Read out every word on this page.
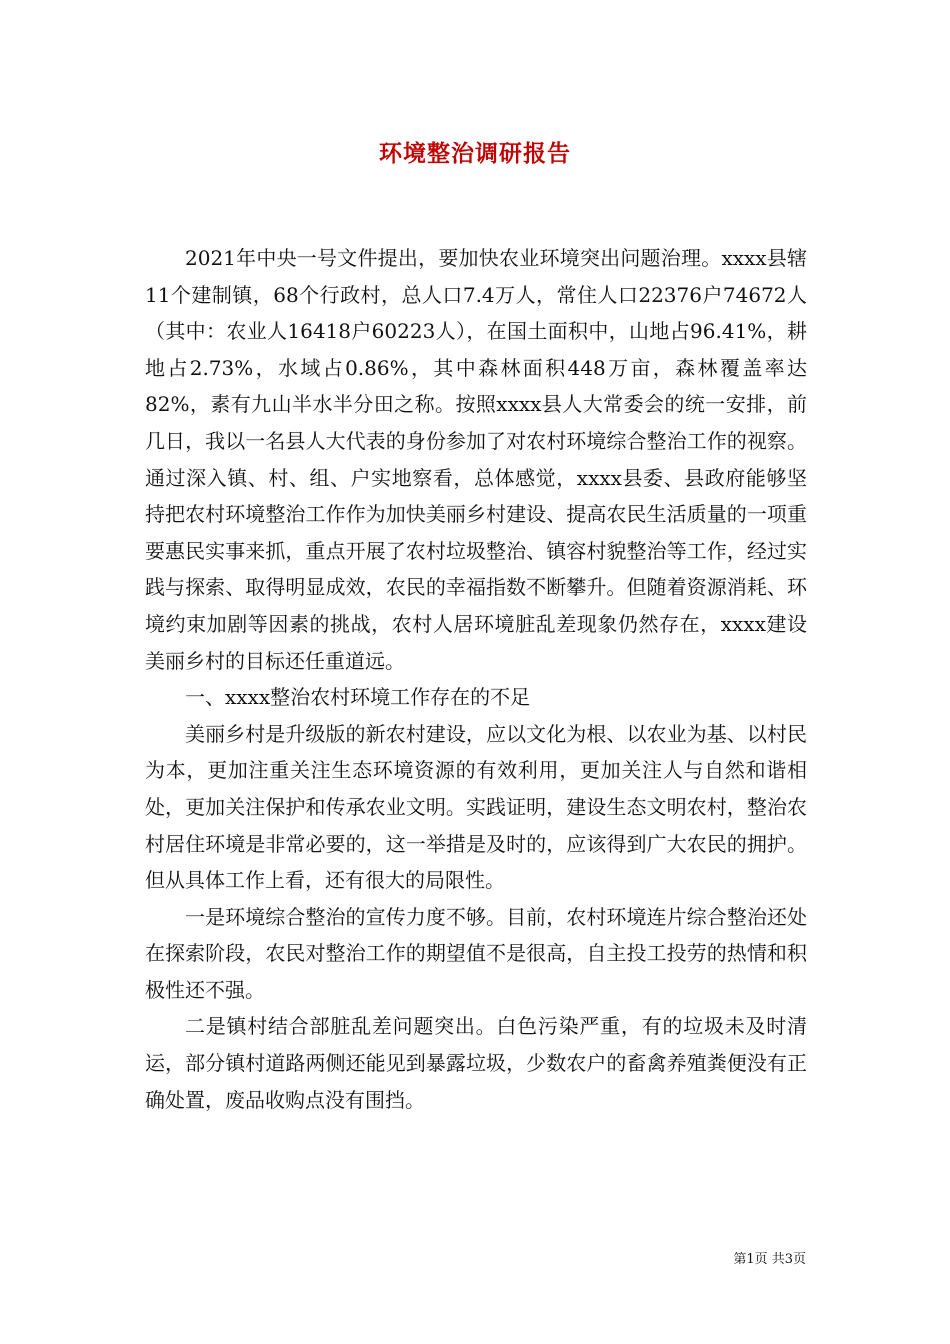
环境整治调研报告

2021年中央一号文件提出，要加快农业环境突出问题治理。xxxx县辖11个建制镇，68个行政村，总人口7.4万人，常住人口22376户74672人（其中：农业人16418户60223人），在国土面积中，山地占96.41%，耕地占2.73%，水域占0.86%，其中森林面积448万亩，森林覆盖率达82%，素有九山半水半分田之称。按照xxxx县人大常委会的统一安排，前几日，我以一名县人大代表的身份参加了对农村环境综合整治工作的视察。通过深入镇、村、组、户实地察看，总体感觉，xxxx县委、县政府能够坚持把农村环境整治工作作为加快美丽乡村建设、提高农民生活质量的一项重要惠民实事来抓，重点开展了农村垃圾整治、镇容村貌整治等工作，经过实践与探索、取得明显成效，农民的幸福指数不断攀升。但随着资源消耗、环境约束加剧等因素的挑战，农村人居环境脏乱差现象仍然存在，xxxx建设美丽乡村的目标还任重道远。

一、xxxx整治农村环境工作存在的不足

美丽乡村是升级版的新农村建设，应以文化为根、以农业为基、以村民为本，更加注重关注生态环境资源的有效利用，更加关注人与自然和谐相处，更加关注保护和传承农业文明。实践证明，建设生态文明农村，整治农村居住环境是非常必要的，这一举措是及时的，应该得到广大农民的拥护。但从具体工作上看，还有很大的局限性。

一是环境综合整治的宣传力度不够。目前，农村环境连片综合整治还处在探索阶段，农民对整治工作的期望值不是很高，自主投工投劳的热情和积极性还不强。

二是镇村结合部脏乱差问题突出。白色污染严重，有的垃圾未及时清运，部分镇村道路两侧还能见到暴露垃圾，少数农户的畜禽养殖粪便没有正确处置，废品收购点没有围挡。

第1页 共3页
